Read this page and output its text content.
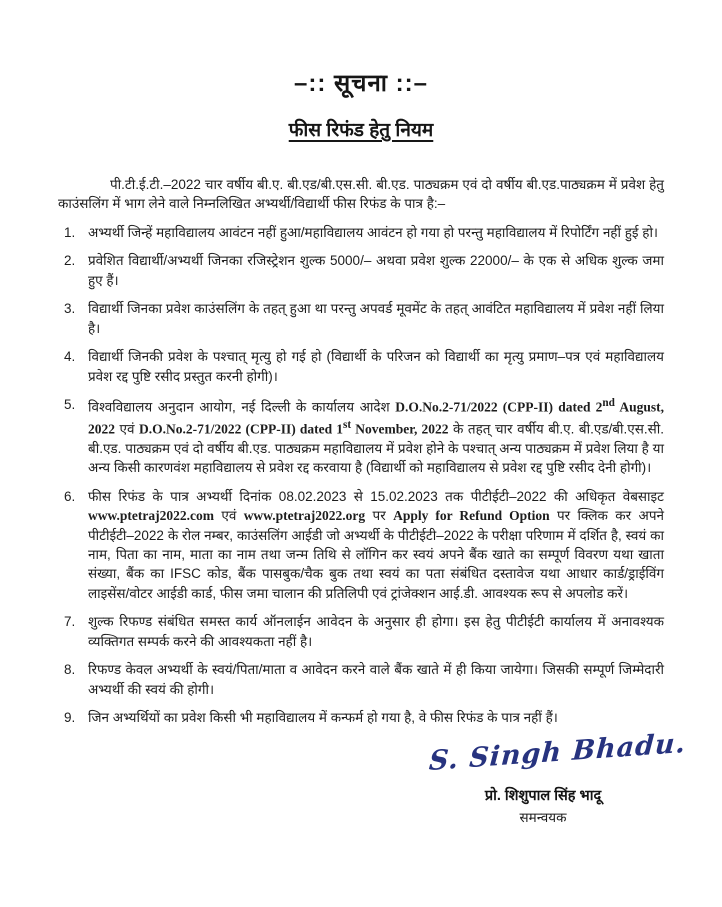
–:: सूचना ::–
फीस रिफंड हेतु नियम
पी.टी.ई.टी.–2022 चार वर्षीय बी.ए. बी.एड/बी.एस.सी. बी.एड. पाठ्यक्रम एवं दो वर्षीय बी.एड.पाठ्यक्रम में प्रवेश हेतु काउंसलिंग में भाग लेने वाले निम्नलिखित अभ्यर्थी/विद्यार्थी फीस रिफंड के पात्र है:–
1. अभ्यर्थी जिन्हें महाविद्यालय आवंटन नहीं हुआ/महाविद्यालय आवंटन हो गया हो परन्तु महाविद्यालय में रिपोर्टिंग नहीं हुई हो।
2. प्रवेशित विद्यार्थी/अभ्यर्थी जिनका रजिस्ट्रेशन शुल्क 5000/– अथवा प्रवेश शुल्क 22000/– के एक से अधिक शुल्क जमा हुए हैं।
3. विद्यार्थी जिनका प्रवेश काउंसलिंग के तहत् हुआ था परन्तु अपवर्ड मूवमेंट के तहत् आवंटित महाविद्यालय में प्रवेश नहीं लिया है।
4. विद्यार्थी जिनकी प्रवेश के पश्चात् मृत्यु हो गई हो (विद्यार्थी के परिजन को विद्यार्थी का मृत्यु प्रमाण–पत्र एवं महाविद्यालय प्रवेश रद्द पुष्टि रसीद प्रस्तुत करनी होगी)।
5. विश्वविद्यालय अनुदान आयोग, नई दिल्ली के कार्यालय आदेश D.O.No.2-71/2022 (CPP-II) dated 2nd August, 2022 एवं D.O.No.2-71/2022 (CPP-II) dated 1st November, 2022 के तहत् चार वर्षीय बी.ए. बी.एड/बी.एस.सी. बी.एड. पाठ्यक्रम एवं दो वर्षीय बी.एड. पाठ्यक्रम महाविद्यालय में प्रवेश होने के पश्चात् अन्य पाठ्यक्रम में प्रवेश लिया है या अन्य किसी कारणवंश महाविद्यालय से प्रवेश रद्द करवाया है (विद्यार्थी को महाविद्यालय से प्रवेश रद्द पुष्टि रसीद देनी होगी)।
6. फीस रिफंड के पात्र अभ्यर्थी दिनांक 08.02.2023 से 15.02.2023 तक पीटीईटी–2022 की अधिकृत वेबसाइट www.ptetraj2022.com एवं www.ptetraj2022.org पर Apply for Refund Option पर क्लिक कर अपने पीटीईटी–2022 के रोल नम्बर, काउंसलिंग आईडी जो अभ्यर्थी के पीटीईटी–2022 के परीक्षा परिणाम में दर्शित है, स्वयं का नाम, पिता का नाम, माता का नाम तथा जन्म तिथि से लॉगिन कर स्वयं अपने बैंक खाते का सम्पूर्ण विवरण यथा खाता संख्या, बैंक का IFSC कोड, बैंक पासबुक/चैक बुक तथा स्वयं का पता संबंधित दस्तावेज यथा आधार कार्ड/ड्राईविंग लाइसेंस/वोटर आईडी कार्ड, फीस जमा चालान की प्रतिलिपी एवं ट्रांजेक्शन आई.डी. आवश्यक रूप से अपलोड करें।
7. शुल्क रिफण्ड संबंधित समस्त कार्य ऑनलाईन आवेदन के अनुसार ही होगा। इस हेतु पीटीईटी कार्यालय में अनावश्यक व्यक्तिगत सम्पर्क करने की आवश्यकता नहीं है।
8. रिफण्ड केवल अभ्यर्थी के स्वयं/पिता/माता व आवेदन करने वाले बैंक खाते में ही किया जायेगा। जिसकी सम्पूर्ण जिम्मेदारी अभ्यर्थी की स्वयं की होगी।
9. जिन अभ्यर्थियों का प्रवेश किसी भी महाविद्यालय में कन्फर्म हो गया है, वे फीस रिफंड के पात्र नहीं हैं।
S. Singh Bhadu.
प्रो. शिशुपाल सिंह भादू
समन्वयक
